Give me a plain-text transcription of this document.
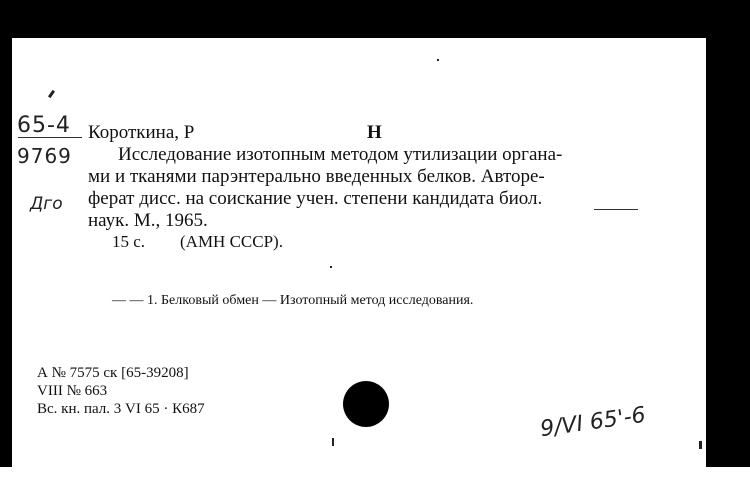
65-4
9769
Дго
9/VI 65'-6
Короткина, Р	Н
Исследование изотопным методом утилизации органа-
ми и тканями парэнтерально введенных белков. Авторе-
ферат дисс. на соискание учен. степени кандидата биол.
наук. М., 1965.
15 с. (АМН СССР).
— — 1. Белковый обмен — Изотопный метод исследования.
А № 7575 ск [65-39208]
VIII № 663
Вс. кн. пал. 3 VI 65 · К687
